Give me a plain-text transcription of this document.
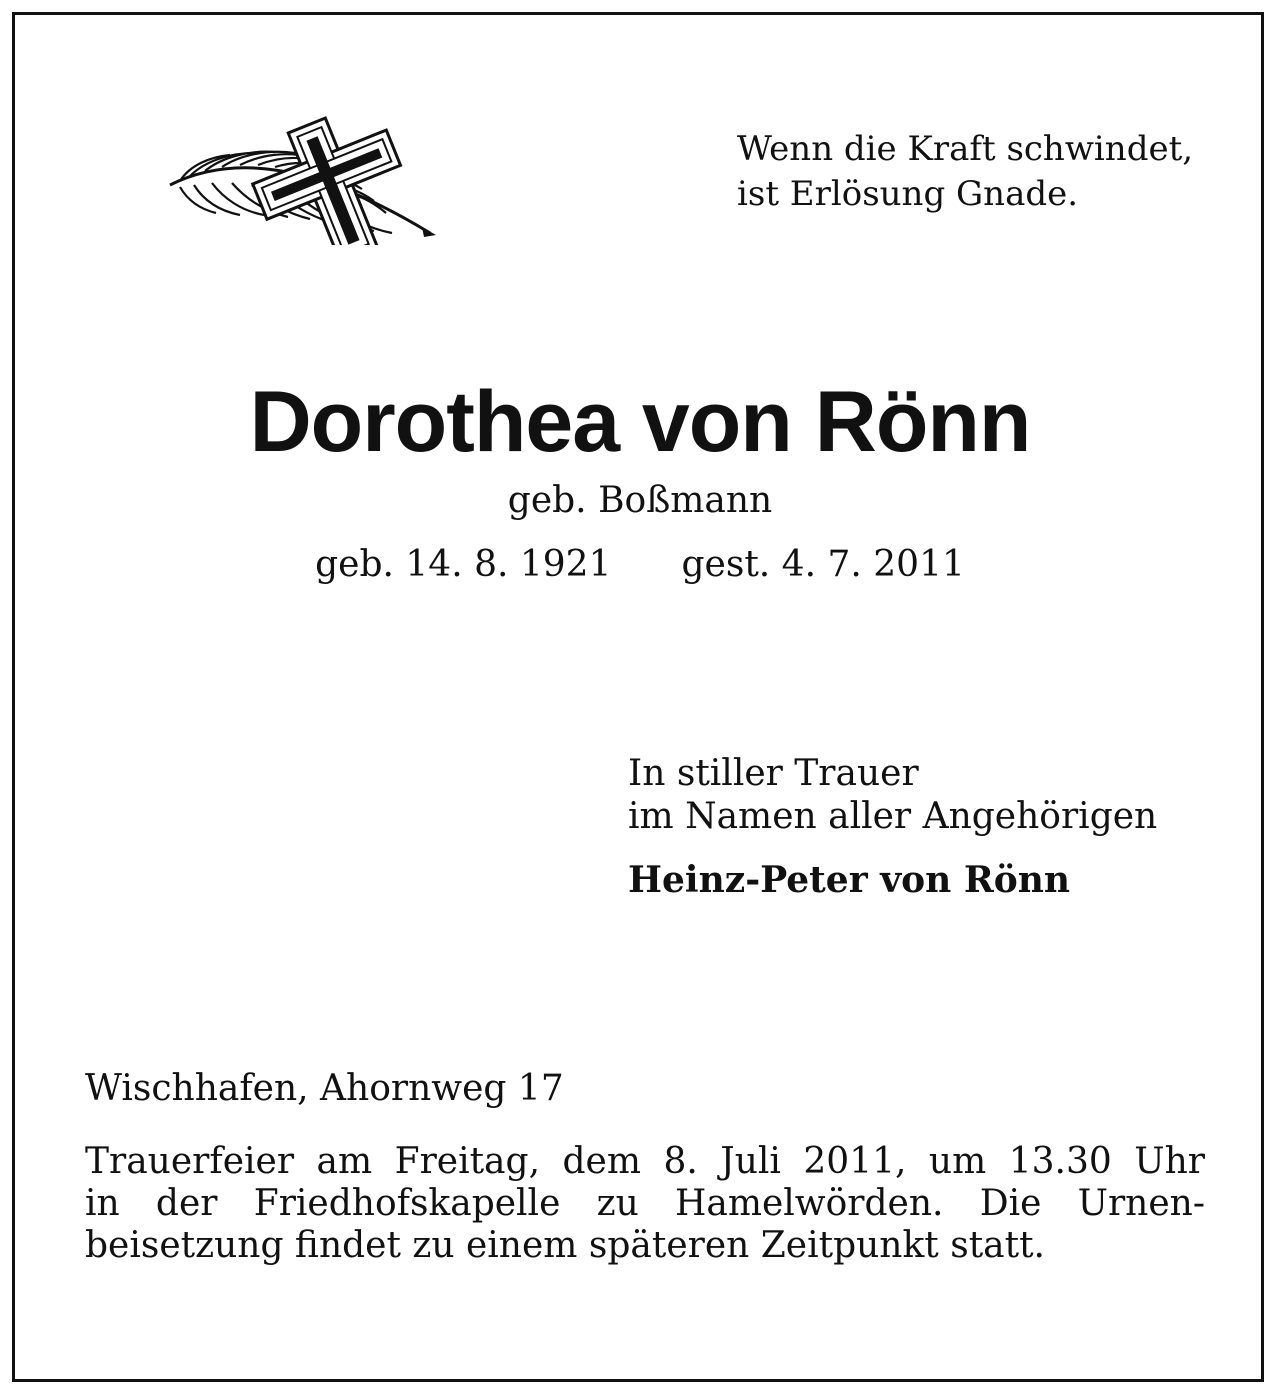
Wenn die Kraft schwindet,
ist Erlösung Gnade.
Dorothea von Rönn
geb. Boßmann
geb. 14. 8. 1921 gest. 4. 7. 2011
In stiller Trauer
im Namen aller Angehörigen
Heinz-Peter von Rönn
Wischhafen, Ahornweg 17
Trauerfeier am Freitag, dem 8. Juli 2011, um 13.30 Uhr
in der Friedhofskapelle zu Hamelwörden. Die Urnen-
beisetzung findet zu einem späteren Zeitpunkt statt.
